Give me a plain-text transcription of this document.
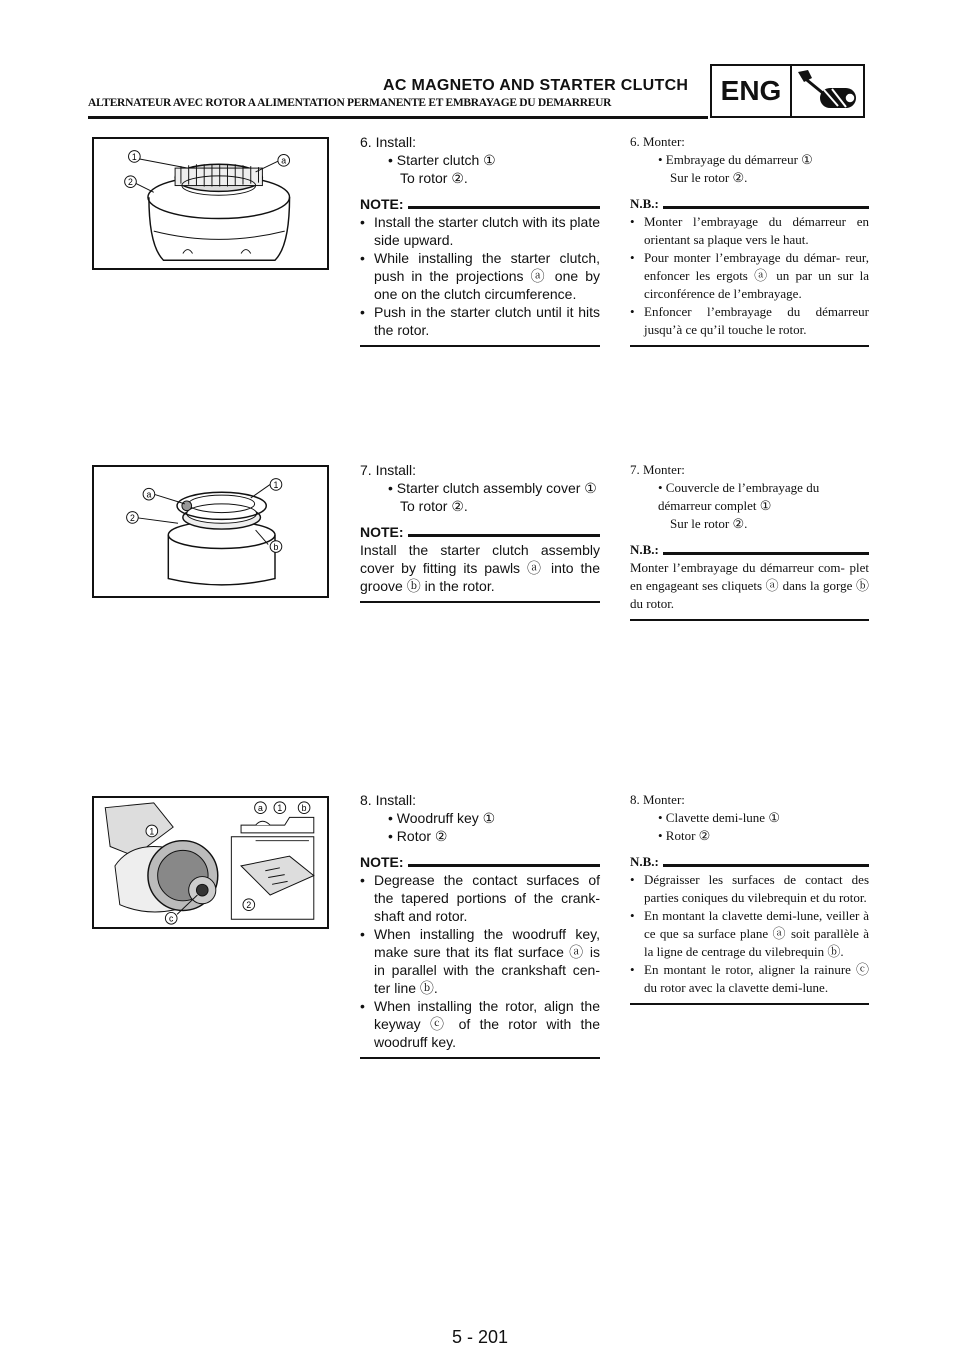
AC MAGNETO AND STARTER CLUTCH
ALTERNATEUR AVEC ROTOR A ALIMENTATION PERMANENTE ET EMBRAYAGE DU DEMARREUR	ENG
1	a
2
1
a
2
b
a 1 b
1
2
c
6. Install:
• Starter clutch ①
To rotor ②.
NOTE:
• Install the starter clutch with its plate side upward.
• While installing the starter clutch, push in the projections ⓐ one by one on the clutch circumference.
• Push in the starter clutch until it hits the rotor.
6. Monter:
• Embrayage du démarreur ①
Sur le rotor ②.
N.B.:
• Monter l’embrayage du démarreur en orientant sa plaque vers le haut.
• Pour monter l’embrayage du démar- reur, enfoncer les ergots ⓐ un par un sur la circonférence de l’embrayage.
• Enfoncer l’embrayage du démarreur jusqu’à ce qu’il touche le rotor.
7. Install:
• Starter clutch assembly cover ①
To rotor ②.
NOTE:
Install the starter clutch assembly cover by fitting its pawls ⓐ into the groove ⓑ in the rotor.
7. Monter:
• Couvercle de l’embrayage du démarreur complet ①
Sur le rotor ②.
N.B.:
Monter l’embrayage du démarreur com- plet en engageant ses cliquets ⓐ dans la gorge ⓑ du rotor.
8. Install:
• Woodruff key ①
• Rotor ②
NOTE:
• Degrease the contact surfaces of the tapered portions of the crank- shaft and rotor.
• When installing the woodruff key, make sure that its flat surface ⓐ is in parallel with the crankshaft cen- ter line ⓑ.
• When installing the rotor, align the keyway ⓒ of the rotor with the woodruff key.
8. Monter:
• Clavette demi-lune ①
• Rotor ②
N.B.:
• Dégraisser les surfaces de contact des parties coniques du vilebrequin et du rotor.
• En montant la clavette demi-lune, veiller à ce que sa surface plane ⓐ soit parallèle à la ligne de centrage du vilebrequin ⓑ.
• En montant le rotor, aligner la rainure ⓒ du rotor avec la clavette demi-lune.
5 - 201
